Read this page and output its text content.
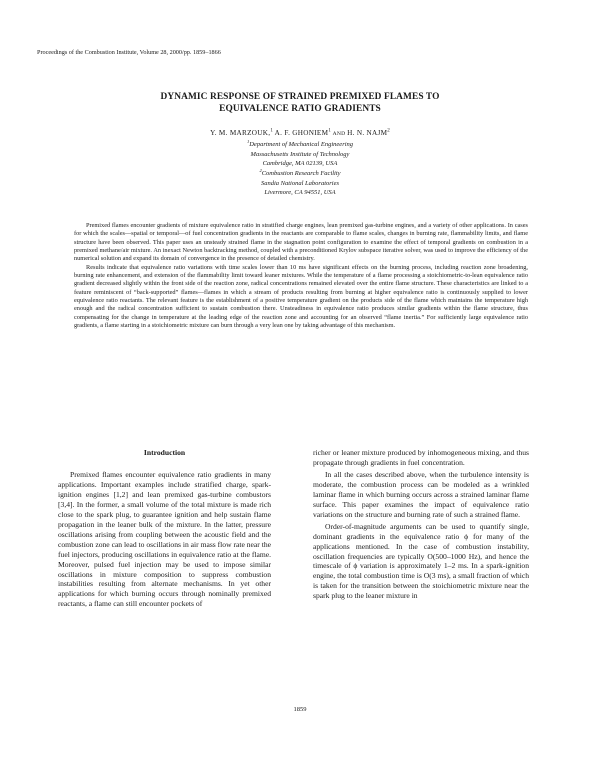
Proceedings of the Combustion Institute, Volume 28, 2000/pp. 1859–1866
DYNAMIC RESPONSE OF STRAINED PREMIXED FLAMES TO
EQUIVALENCE RATIO GRADIENTS
Y. M. MARZOUK,$^1$ A. F. GHONIEM$^1$ AND H. N. NAJM$^2$
$^1$Department of Mechanical Engineering
Massachusetts Institute of Technology
Cambridge, MA 02139, USA
$^2$Combustion Research Facility
Sandia National Laboratories
Livermore, CA 94551, USA

Premixed flames encounter gradients of mixture equivalence ratio in stratified charge engines, lean premixed gas-turbine engines, and a variety of other applications. In cases for which the scales—spatial or temporal—of fuel concentration gradients in the reactants are comparable to flame scales, changes in burning rate, flammability limits, and flame structure have been observed. This paper uses an unsteady strained flame in the stagnation point configuration to examine the effect of temporal gradients on combustion in a premixed methane/air mixture. An inexact Newton backtracking method, coupled with a preconditioned Krylov subspace iterative solver, was used to improve the efficiency of the numerical solution and expand its domain of convergence in the presence of detailed chemistry.

Results indicate that equivalence ratio variations with time scales lower than 10 ms have significant effects on the burning process, including reaction zone broadening, burning rate enhancement, and extension of the flammability limit toward leaner mixtures. While the temperature of a flame processing a stoichiometric-to-lean equivalence ratio gradient decreased slightly within the front side of the reaction zone, radical concentrations remained elevated over the entire flame structure. These characteristics are linked to a feature reminiscent of “back-supported” flames—flames in which a stream of products resulting from burning at higher equivalence ratio is continuously supplied to lower equivalence ratio reactants. The relevant feature is the establishment of a positive temperature gradient on the products side of the flame which maintains the temperature high enough and the radical concentration sufficient to sustain combustion there. Unsteadiness in equivalence ratio produces similar gradients within the flame structure, thus compensating for the change in temperature at the leading edge of the reaction zone and accounting for an observed “flame inertia.” For sufficiently large equivalence ratio gradients, a flame starting in a stoichiometric mixture can burn through a very lean one by taking advantage of this mechanism.

Introduction

Premixed flames encounter equivalence ratio gradients in many applications. Important examples include stratified charge, spark-ignition engines [1,2] and lean premixed gas-turbine combustors [3,4]. In the former, a small volume of the total mixture is made rich close to the spark plug, to guarantee ignition and help sustain flame propagation in the leaner bulk of the mixture. In the latter, pressure oscillations arising from coupling between the acoustic field and the combustion zone can lead to oscillations in air mass flow rate near the fuel injectors, producing oscillations in equivalence ratio at the flame. Moreover, pulsed fuel injection may be used to impose similar oscillations in mixture composition to suppress combustion instabilities resulting from alternate mechanisms. In yet other applications for which burning occurs through nominally premixed reactants, a flame can still encounter pockets of

richer or leaner mixture produced by inhomogeneous mixing, and thus propagate through gradients in fuel concentration.

In all the cases described above, when the turbulence intensity is moderate, the combustion process can be modeled as a wrinkled laminar flame in which burning occurs across a strained laminar flame surface. This paper examines the impact of equivalence ratio variations on the structure and burning rate of such a strained flame.

Order-of-magnitude arguments can be used to quantify single, dominant gradients in the equivalence ratio ϕ for many of the applications mentioned. In the case of combustion instability, oscillation frequencies are typically O(500–1000 Hz), and hence the timescale of ϕ variation is approximately 1–2 ms. In a spark-ignition engine, the total combustion time is O(3 ms), a small fraction of which is taken for the transition between the stoichiometric mixture near the spark plug to the leaner mixture in

1859
